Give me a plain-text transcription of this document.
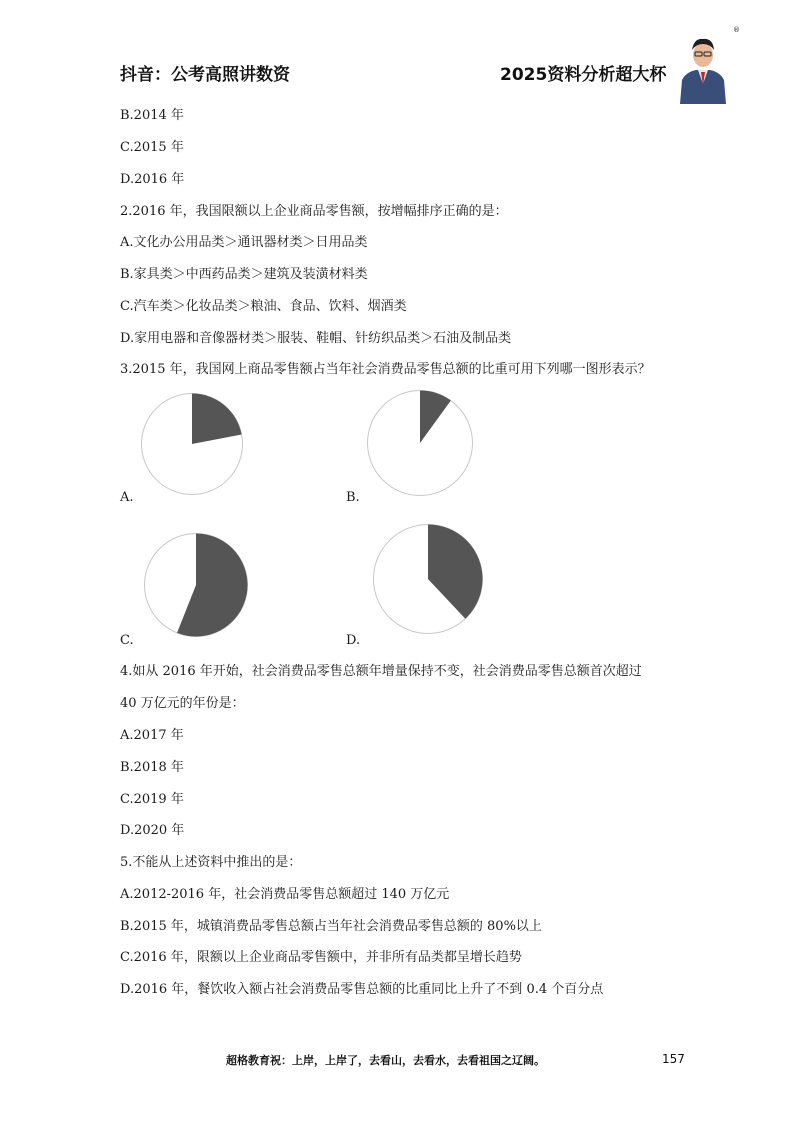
抖音：公考高照讲数资	2025资料分析超大杯
®
B.2014 年
C.2015 年
D.2016 年
2.2016 年，我国限额以上企业商品零售额，按增幅排序正确的是：
A.文化办公用品类＞通讯器材类＞日用品类
B.家具类＞中西药品类＞建筑及装潢材料类
C.汽车类＞化妆品类＞粮油、食品、饮料、烟酒类
D.家用电器和音像器材类＞服装、鞋帽、针纺织品类＞石油及制品类
3.2015 年，我国网上商品零售额占当年社会消费品零售总额的比重可用下列哪一图形表示？
A.	B.
C.	D.
4.如从 2016 年开始，社会消费品零售总额年增量保持不变，社会消费品零售总额首次超过
40 万亿元的年份是：
A.2017 年
B.2018 年
C.2019 年
D.2020 年
5.不能从上述资料中推出的是：
A.2012-2016 年，社会消费品零售总额超过 140 万亿元
B.2015 年，城镇消费品零售总额占当年社会消费品零售总额的 80%以上
C.2016 年，限额以上企业商品零售额中，并非所有品类都呈增长趋势
D.2016 年，餐饮收入额占社会消费品零售总额的比重同比上升了不到 0.4 个百分点
超格教育祝：上岸，上岸了，去看山，去看水，去看祖国之辽阔。	157
